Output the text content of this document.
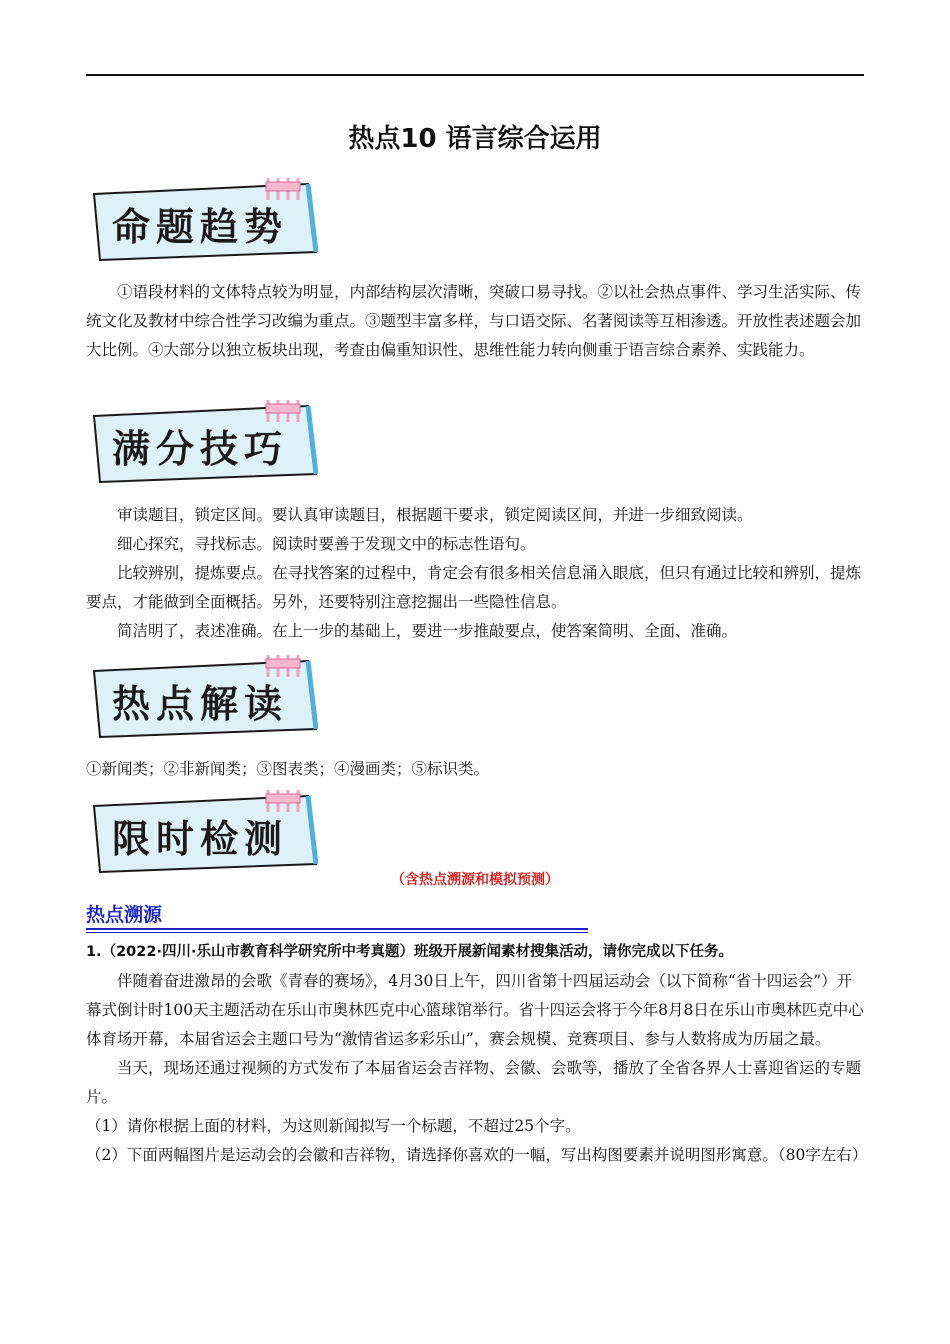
热点10 语言综合运用
命题趋势

①语段材料的文体特点较为明显，内部结构层次清晰，突破口易寻找。②以社会热点事件、学习生活实际、传统文化及教材中综合性学习改编为重点。③题型丰富多样，与口语交际、名著阅读等互相渗透。开放性表述题会加大比例。④大部分以独立板块出现，考查由偏重知识性、思维性能力转向侧重于语言综合素养、实践能力。

满分技巧

审读题目，锁定区间。要认真审读题目，根据题干要求，锁定阅读区间，并进一步细致阅读。

细心探究，寻找标志。阅读时要善于发现文中的标志性语句。

比较辨别，提炼要点。在寻找答案的过程中，肯定会有很多相关信息涌入眼底，但只有通过比较和辨别，提炼要点，才能做到全面概括。另外，还要特别注意挖掘出一些隐性信息。

简洁明了，表述准确。在上一步的基础上，要进一步推敲要点，使答案简明、全面、准确。

热点解读

①新闻类；②非新闻类；③图表类；④漫画类；⑤标识类。

限时检测
（含热点溯源和模拟预测）
热点溯源
1.（2022·四川·乐山市教育科学研究所中考真题）班级开展新闻素材搜集活动，请你完成以下任务。

伴随着奋进激昂的会歌《青春的赛场》，4月30日上午，四川省第十四届运动会（以下简称“省十四运会”）开幕式倒计时100天主题活动在乐山市奥林匹克中心篮球馆举行。省十四运会将于今年8月8日在乐山市奥林匹克中心体育场开幕，本届省运会主题口号为“激情省运多彩乐山”，赛会规模、竞赛项目、参与人数将成为历届之最。

当天，现场还通过视频的方式发布了本届省运会吉祥物、会徽、会歌等，播放了全省各界人士喜迎省运的专题片。

（1）请你根据上面的材料，为这则新闻拟写一个标题，不超过25个字。

（2）下面两幅图片是运动会的会徽和吉祥物，请选择你喜欢的一幅，写出构图要素并说明图形寓意。（80字左右）
